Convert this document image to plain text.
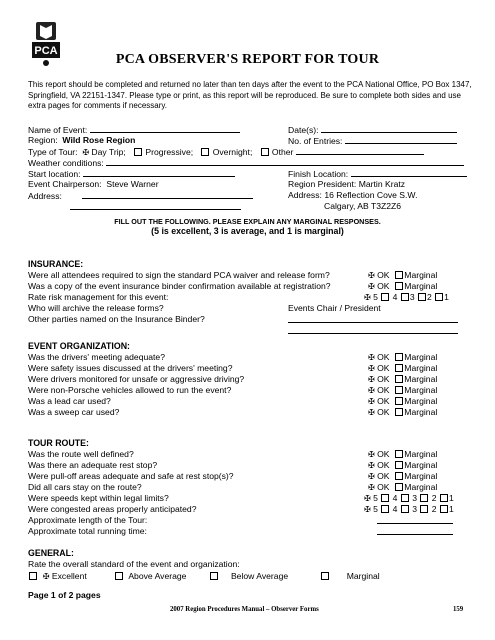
PCA
PCA OBSERVER'S REPORT FOR TOUR
This report should be completed and returned no later than ten days after the event to the PCA National Office, PO Box 1347, Springfield, VA 22151-1347. Please type or print, as this report will be reproduced. Be sure to complete both sides and use extra pages for comments if necessary.
Name of Event:	Date(s):
Region: Wild Rose Region	No. of Entries:
Type of Tour: ✠ Day Trip; Progressive; Overnight; Other
Weather conditions:
Start location:	Finish Location:
Event Chairperson: Steve Warner	Region President: Martin Kratz
Address:	Address: 16 Reflection Cove S.W.
Calgary, AB T3Z2Z6
FILL OUT THE FOLLOWING. PLEASE EXPLAIN ANY MARGINAL RESPONSES.
(5 is excellent, 3 is average, and 1 is marginal)
INSURANCE:
Were all attendees required to sign the standard PCA waiver and release form?	✠ OK Marginal
Was a copy of the event insurance binder confirmation available at registration?	✠ OK Marginal
Rate risk management for this event:	✠ 5 4 3 2 1
Who will archive the release forms?	Events Chair / President
Other parties named on the Insurance Binder?
EVENT ORGANIZATION:
Was the drivers' meeting adequate?	✠ OK Marginal
Were safety issues discussed at the drivers' meeting?	✠ OK Marginal
Were drivers monitored for unsafe or aggressive driving?	✠ OK Marginal
Were non-Porsche vehicles allowed to run the event?	✠ OK Marginal
Was a lead car used?	✠ OK Marginal
Was a sweep car used?	✠ OK Marginal
TOUR ROUTE:
Was the route well defined?	✠ OK Marginal
Was there an adequate rest stop?	✠ OK Marginal
Were pull-off areas adequate and safe at rest stop(s)?	✠ OK Marginal
Did all cars stay on the route?	✠ OK Marginal
Were speeds kept within legal limits?	✠ 5 4 3 2 1
Were congested areas properly anticipated?	✠ 5 4 3 2 1
Approximate length of the Tour:
Approximate total running time:
GENERAL:
Rate the overall standard of the event and organization:
✠ Excellent	Above Average	Below Average	Marginal
Page 1 of 2 pages
2007 Region Procedures Manual – Observer Forms	159
